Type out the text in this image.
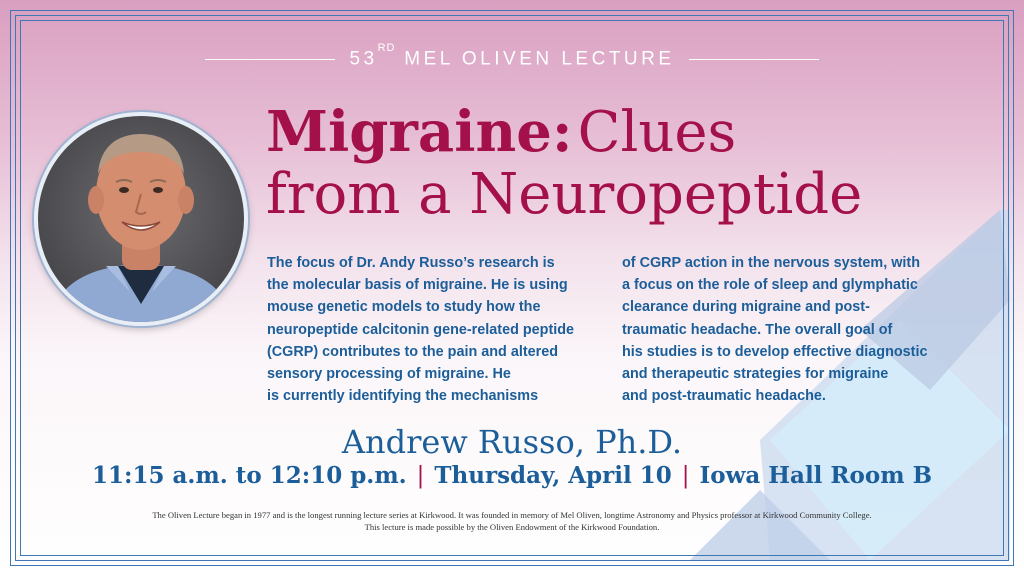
53RD MEL OLIVEN LECTURE
Migraine: Clues
from a Neuropeptide
The focus of Dr. Andy Russo’s research is
the molecular basis of migraine. He is using
mouse genetic models to study how the
neuropeptide calcitonin gene-related peptide
(CGRP) contributes to the pain and altered
sensory processing of migraine. He
is currently identifying the mechanisms
of CGRP action in the nervous system, with
a focus on the role of sleep and glymphatic
clearance during migraine and post-
traumatic headache. The overall goal of
his studies is to develop effective diagnostic
and therapeutic strategies for migraine
and post-traumatic headache.
Andrew Russo, Ph.D.
11:15 a.m. to 12:10 p.m. | Thursday, April 10 | Iowa Hall Room B
The Oliven Lecture began in 1977 and is the longest running lecture series at Kirkwood. It was founded in memory of Mel Oliven, longtime Astronomy and Physics professor at Kirkwood Community College.
This lecture is made possible by the Oliven Endowment of the Kirkwood Foundation.
